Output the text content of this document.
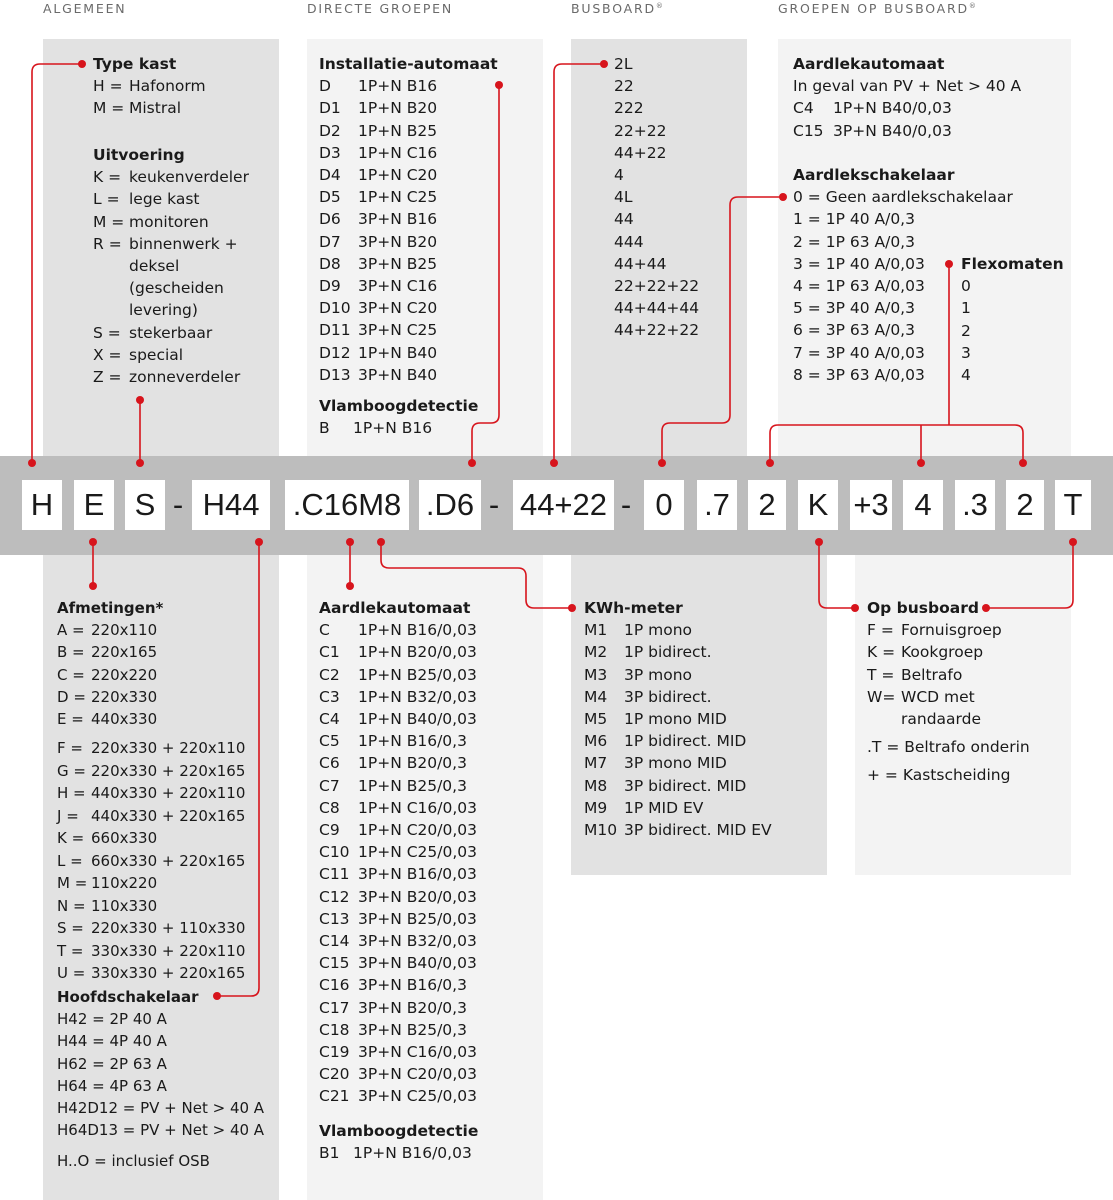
ALGEMEEN	DIRECTE GROEPEN	BUSBOARD®	GROEPEN OP BUSBOARD®
Type kast
H = Hafonorm
M = Mistral
Uitvoering
K = keukenverdeler
L = lege kast
M = monitoren
R = binnenwerk +
deksel
(gescheiden
levering)
S = stekerbaar
X = special
Z = zonneverdeler
Installatie-automaat
D	1P+N B16
D1	1P+N B20
D2	1P+N B25
D3	1P+N C16
D4	1P+N C20
D5	1P+N C25
D6	3P+N B16
D7	3P+N B20
D8	3P+N B25
D9	3P+N C16
D10 3P+N C20
D11 3P+N C25
D12 1P+N B40
D13 3P+N B40
Vlamboogdetectie
B	1P+N B16
2L
22
222
22+22
44+22
4
4L
44
444
44+44
22+22+22
44+44+44
44+22+22
Aardlekautomaat
In geval van PV + Net > 40 A
C4	1P+N B40/0,03
C15 3P+N B40/0,03
Aardlekschakelaar
0 = Geen aardlekschakelaar
1 = 1P 40 A/0,3
2 = 1P 63 A/0,3
3 = 1P 40 A/0,03
4 = 1P 63 A/0,03
5 = 3P 40 A/0,3
6 = 3P 63 A/0,3
7 = 3P 40 A/0,03
8 = 3P 63 A/0,03
Flexomaten
0
1
2
3
4
H E S - H44	.C16M8 .D6 - 44+22 - 0	.7 2	K +3 4 .3 2 T
Afmetingen*
A = 220x110
B = 220x165
C = 220x220
D = 220x330
E = 440x330
F = 220x330 + 220x110
G = 220x330 + 220x165
H = 440x330 + 220x110
J = 440x330 + 220x165
K = 660x330
L = 660x330 + 220x165
M = 110x220
N = 110x330
S = 220x330 + 110x330
T = 330x330 + 220x110
U = 330x330 + 220x165
Hoofdschakelaar
H42 = 2P 40 A
H44 = 4P 40 A
H62 = 2P 63 A
H64 = 4P 63 A
H42D12 = PV + Net > 40 A
H64D13 = PV + Net > 40 A
H..O = inclusief OSB
Aardlekautomaat
C	1P+N B16/0,03
C1	1P+N B20/0,03
C2	1P+N B25/0,03
C3	1P+N B32/0,03
C4	1P+N B40/0,03
C5	1P+N B16/0,3
C6	1P+N B20/0,3
C7	1P+N B25/0,3
C8	1P+N C16/0,03
C9	1P+N C20/0,03
C10 1P+N C25/0,03
C11 3P+N B16/0,03
C12 3P+N B20/0,03
C13 3P+N B25/0,03
C14 3P+N B32/0,03
C15 3P+N B40/0,03
C16 3P+N B16/0,3
C17 3P+N B20/0,3
C18 3P+N B25/0,3
C19 3P+N C16/0,03
C20 3P+N C20/0,03
C21 3P+N C25/0,03
Vlamboogdetectie
B1 1P+N B16/0,03
KWh-meter
M1	1P mono
M2	1P bidirect.
M3	3P mono
M4	3P bidirect.
M5	1P mono MID
M6	1P bidirect. MID
M7	3P mono MID
M8	3P bidirect. MID
M9	1P MID EV
M10 3P bidirect. MID EV
Op busboard
F = Fornuisgroep
K = Kookgroep
T = Beltrafo
W= WCD met
randaarde
.T = Beltrafo onderin
+ = Kastscheiding
